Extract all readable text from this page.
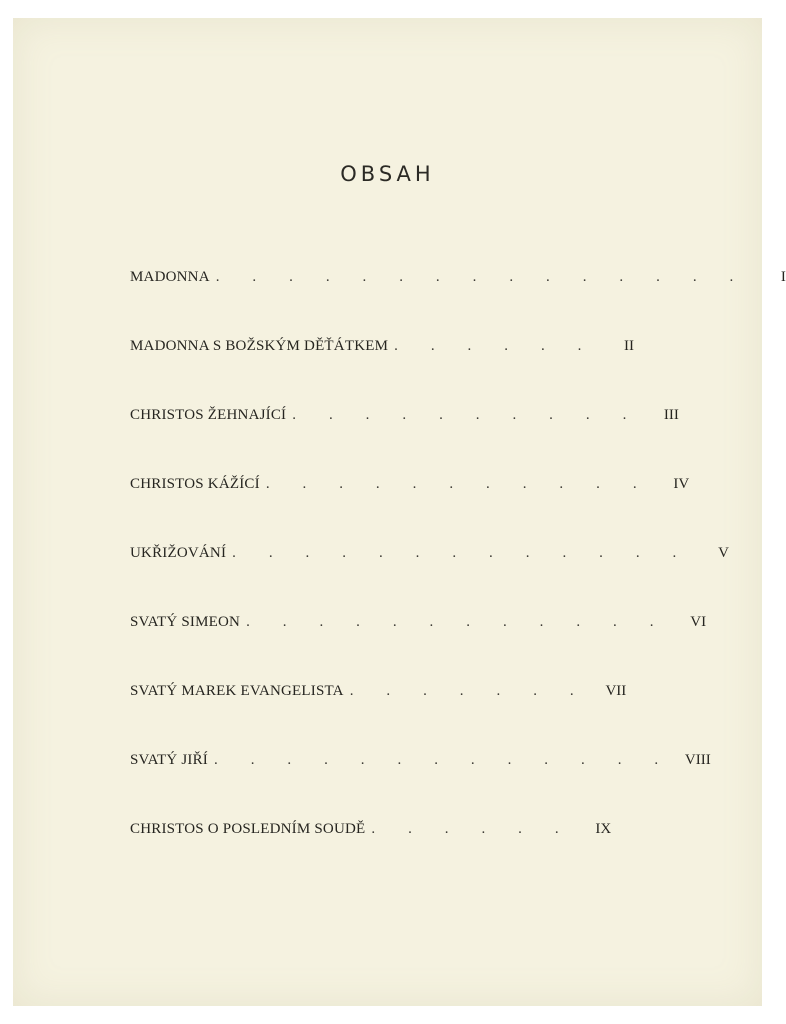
OBSAH
MADONNA . . . . . . . . . . . . . . .	I
MADONNA S BOŽSKÝM DĚŤÁTKEM . . . . . .	II
CHRISTOS ŽEHNAJÍCÍ . . . . . . . . . .	III
CHRISTOS KÁŽÍCÍ . . . . . . . . . . .	IV
UKŘIŽOVÁNÍ . . . . . . . . . . . . .	V
SVATÝ SIMEON . . . . . . . . . . . .	VI
SVATÝ MAREK EVANGELISTA . . . . . . .	VII
SVATÝ JIŘÍ . . . . . . . . . . . . . VIII
CHRISTOS O POSLEDNÍM SOUDĚ . . . . . .	IX
